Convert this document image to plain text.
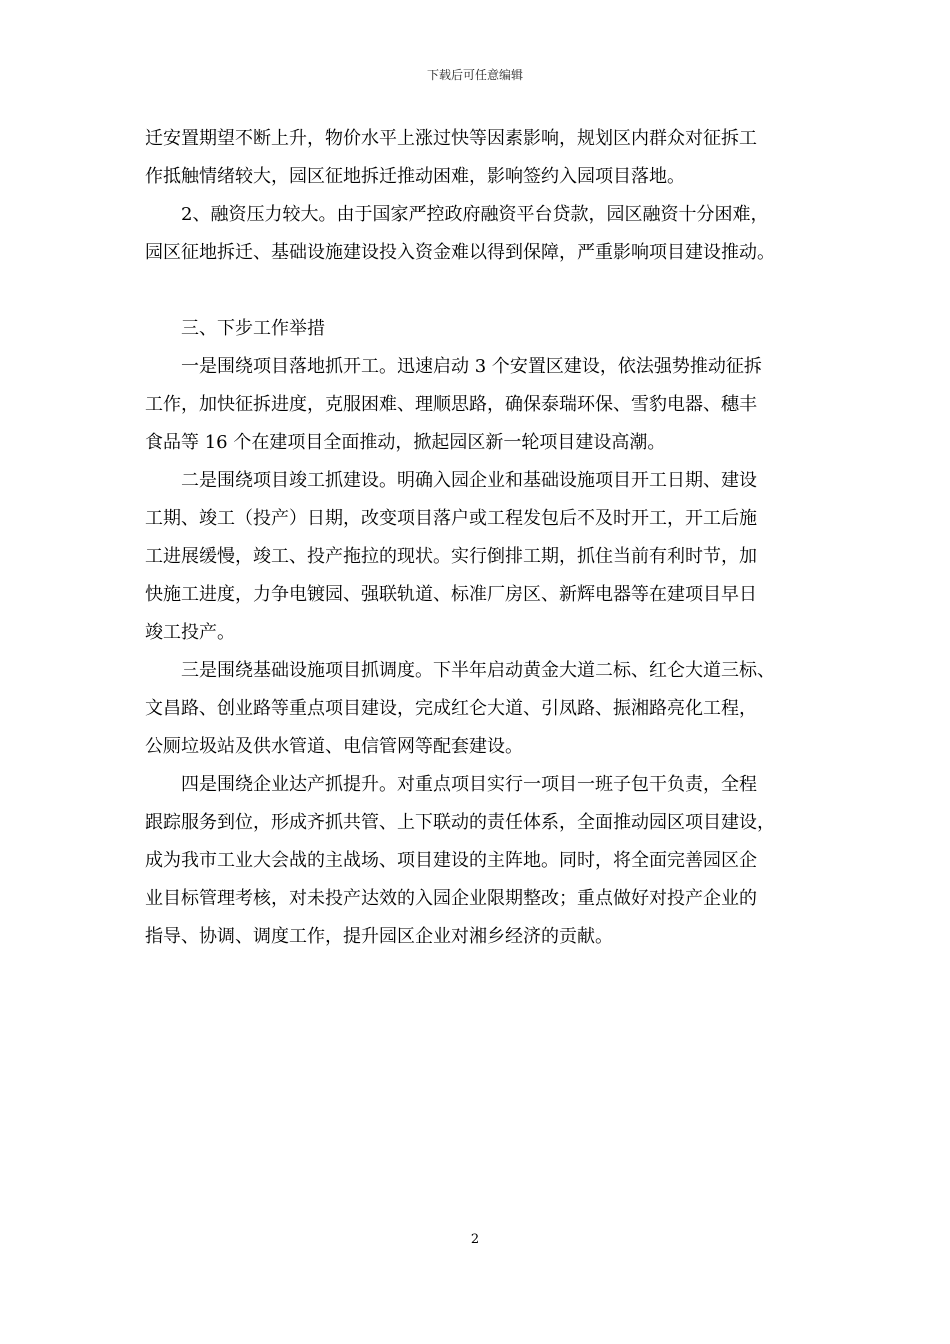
下载后可任意编辑
迁安置期望不断上升，物价水平上涨过快等因素影响，规划区内群众对征拆工
作抵触情绪较大，园区征地拆迁推动困难，影响签约入园项目落地。
2、融资压力较大。由于国家严控政府融资平台贷款，园区融资十分困难，
园区征地拆迁、基础设施建设投入资金难以得到保障，严重影响项目建设推动。
三、下步工作举措
一是围绕项目落地抓开工。迅速启动 3 个安置区建设，依法强势推动征拆
工作，加快征拆进度，克服困难、理顺思路，确保泰瑞环保、雪豹电器、穗丰
食品等 16 个在建项目全面推动，掀起园区新一轮项目建设高潮。
二是围绕项目竣工抓建设。明确入园企业和基础设施项目开工日期、建设
工期、竣工（投产）日期，改变项目落户或工程发包后不及时开工，开工后施
工进展缓慢，竣工、投产拖拉的现状。实行倒排工期，抓住当前有利时节，加
快施工进度，力争电镀园、强联轨道、标准厂房区、新辉电器等在建项目早日
竣工投产。
三是围绕基础设施项目抓调度。下半年启动黄金大道二标、红仑大道三标、
文昌路、创业路等重点项目建设，完成红仑大道、引凤路、振湘路亮化工程，
公厕垃圾站及供水管道、电信管网等配套建设。
四是围绕企业达产抓提升。对重点项目实行一项目一班子包干负责，全程
跟踪服务到位，形成齐抓共管、上下联动的责任体系，全面推动园区项目建设，
成为我市工业大会战的主战场、项目建设的主阵地。同时，将全面完善园区企
业目标管理考核，对未投产达效的入园企业限期整改；重点做好对投产企业的
指导、协调、调度工作，提升园区企业对湘乡经济的贡献。
2
